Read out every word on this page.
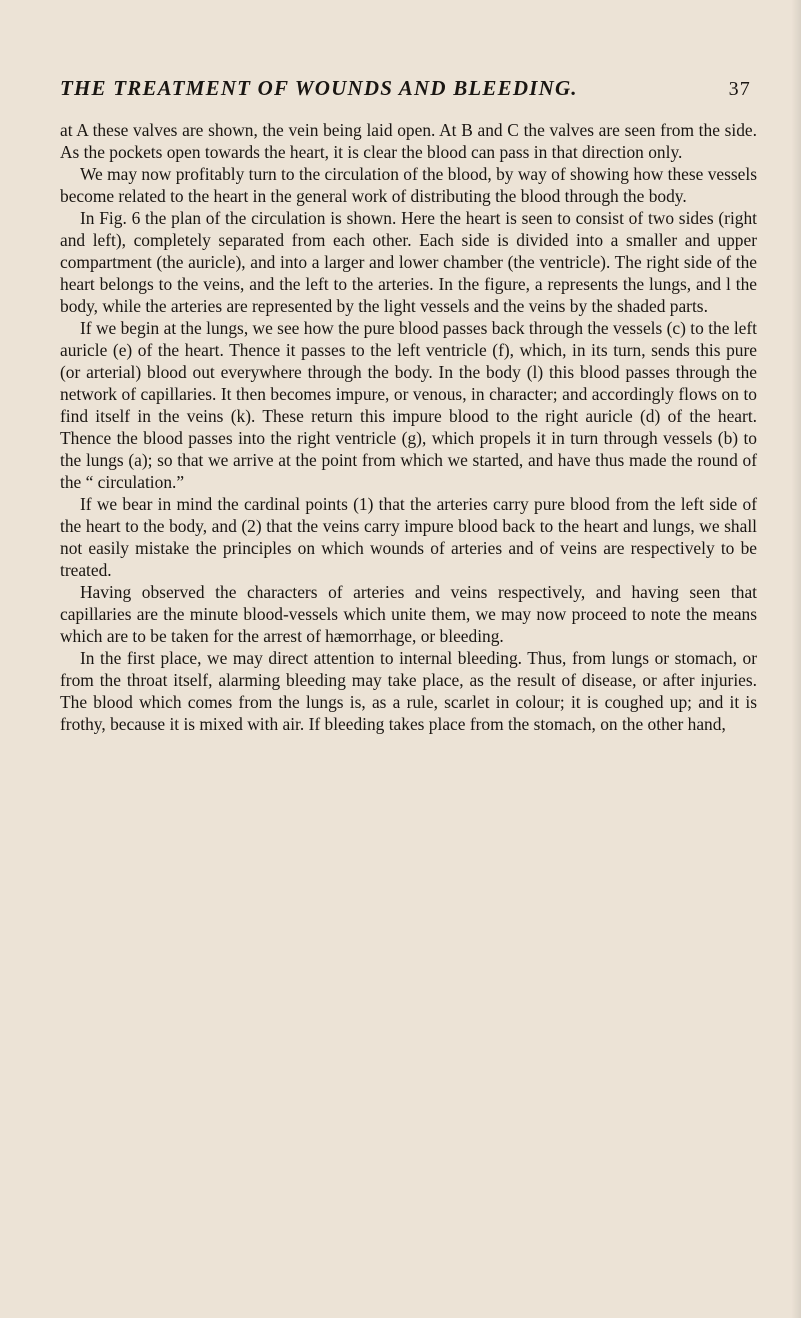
THE TREATMENT OF WOUNDS AND BLEEDING.	37

at A these valves are shown, the vein being laid open. At B and C the valves are seen from the side. As the pockets open towards the heart, it is clear the blood can pass in that direction only.

We may now profitably turn to the circulation of the blood, by way of showing how these vessels become related to the heart in the general work of distributing the blood through the body.

In Fig. 6 the plan of the circulation is shown. Here the heart is seen to consist of two sides (right and left), completely separated from each other. Each side is divided into a smaller and upper compartment (the auricle), and into a larger and lower chamber (the ventricle). The right side of the heart belongs to the veins, and the left to the arteries. In the figure, a represents the lungs, and l the body, while the arteries are represented by the light vessels and the veins by the shaded parts.

If we begin at the lungs, we see how the pure blood passes back through the vessels (c) to the left auricle (e) of the heart. Thence it passes to the left ventricle (f), which, in its turn, sends this pure (or arterial) blood out everywhere through the body. In the body (l) this blood passes through the network of capillaries. It then becomes impure, or venous, in character; and accordingly flows on to find itself in the veins (k). These return this impure blood to the right auricle (d) of the heart. Thence the blood passes into the right ventricle (g), which propels it in turn through vessels (b) to the lungs (a); so that we arrive at the point from which we started, and have thus made the round of the “ circulation.”

If we bear in mind the cardinal points (1) that the arteries carry pure blood from the left side of the heart to the body, and (2) that the veins carry impure blood back to the heart and lungs, we shall not easily mistake the principles on which wounds of arteries and of veins are respectively to be treated.

Having observed the characters of arteries and veins respectively, and having seen that capillaries are the minute blood-vessels which unite them, we may now proceed to note the means which are to be taken for the arrest of hæmorrhage, or bleeding.

In the first place, we may direct attention to internal bleeding. Thus, from lungs or stomach, or from the throat itself, alarming bleeding may take place, as the result of disease, or after injuries. The blood which comes from the lungs is, as a rule, scarlet in colour; it is coughed up; and it is frothy, because it is mixed with air. If bleeding takes place from the stomach, on the other hand,
